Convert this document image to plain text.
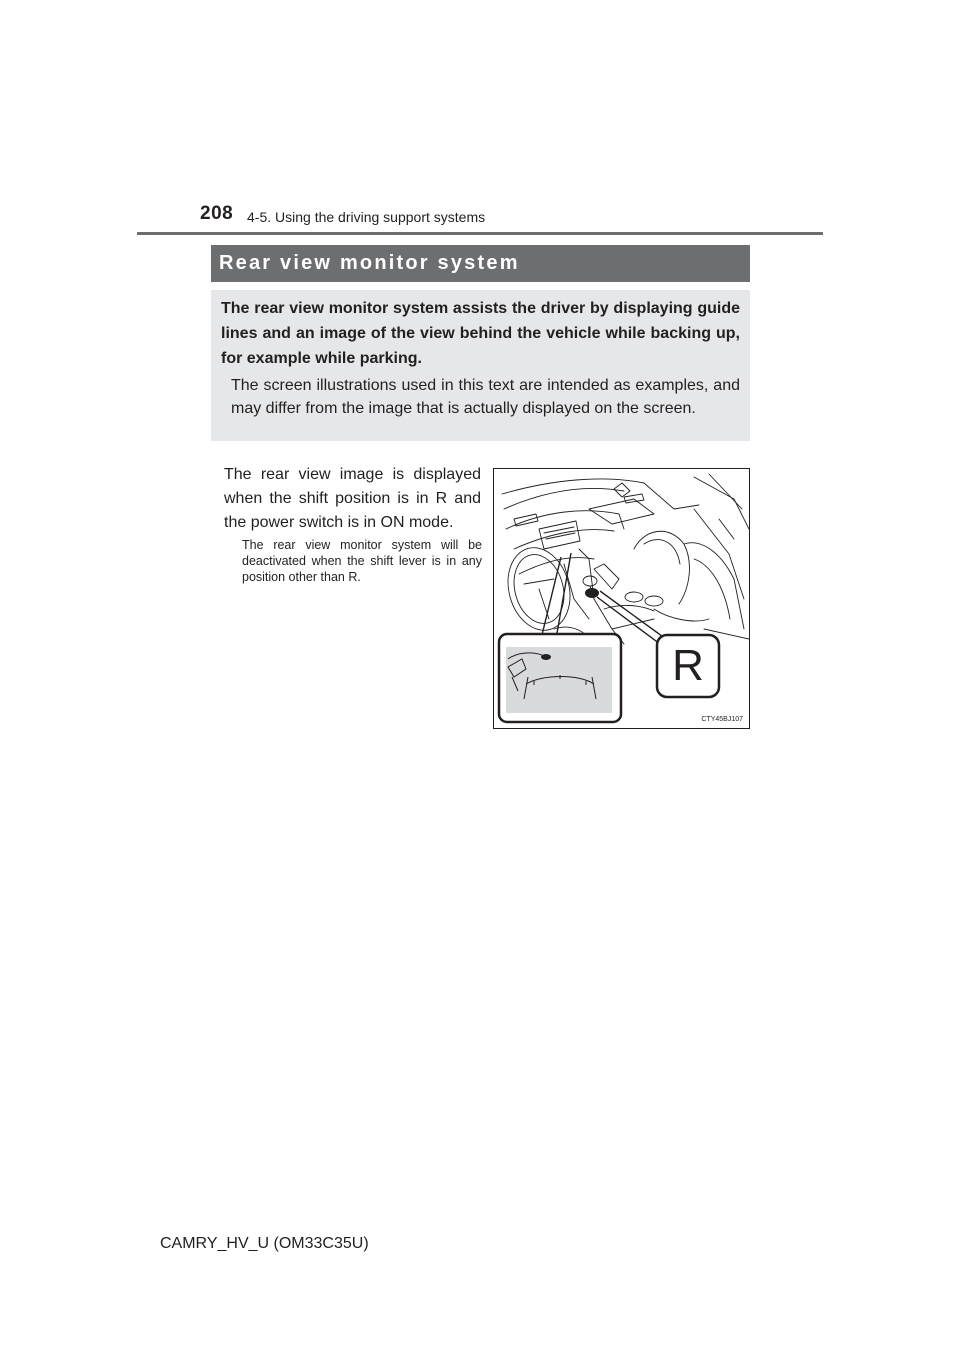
208 4-5. Using the driving support systems
Rear view monitor system

The rear view monitor system assists the driver by displaying guide lines and an image of the view behind the vehicle while backing up, for example while parking.

The screen illustrations used in this text are intended as examples, and may differ from the image that is actually displayed on the screen.

The rear view image is displayed when the shift position is in R and the power switch is in ON mode.

The rear view monitor system will be deactivated when the shift lever is in any position other than R.

R
CTY45BJ107
CAMRY_HV_U (OM33C35U)
